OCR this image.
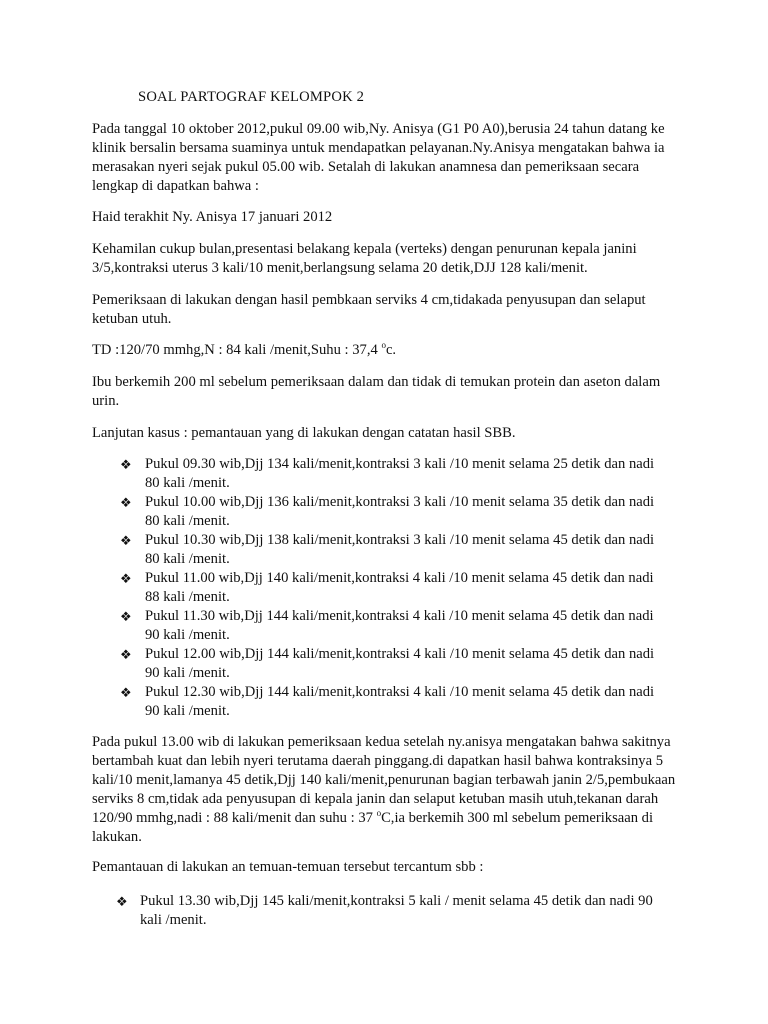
SOAL PARTOGRAF KELOMPOK 2

Pada tanggal 10 oktober 2012,pukul 09.00 wib,Ny. Anisya (G1 P0 A0),berusia 24 tahun datang ke klinik bersalin bersama suaminya untuk mendapatkan pelayanan.Ny.Anisya mengatakan bahwa ia merasakan nyeri sejak pukul 05.00 wib. Setalah di lakukan anamnesa dan pemeriksaan secara lengkap di dapatkan bahwa :

Haid terakhit Ny. Anisya 17 januari 2012

Kehamilan cukup bulan,presentasi belakang kepala (verteks) dengan penurunan kepala janini 3/5,kontraksi uterus 3 kali/10 menit,berlangsung selama 20 detik,DJJ 128 kali/menit.

Pemeriksaan di lakukan dengan hasil pembkaan serviks 4 cm,tidakada penyusupan dan selaput ketuban utuh.

TD :120/70 mmhg,N : 84 kali /menit,Suhu : 37,4 $^o$c.

Ibu berkemih 200 ml sebelum pemeriksaan dalam dan tidak di temukan protein dan aseton dalam urin.

Lanjutan kasus : pemantauan yang di lakukan dengan catatan hasil SBB.

❖ Pukul 09.30 wib,Djj 134 kali/menit,kontraksi 3 kali /10 menit selama 25 detik dan nadi 80 kali /menit.
❖ Pukul 10.00 wib,Djj 136 kali/menit,kontraksi 3 kali /10 menit selama 35 detik dan nadi 80 kali /menit.
❖ Pukul 10.30 wib,Djj 138 kali/menit,kontraksi 3 kali /10 menit selama 45 detik dan nadi 80 kali /menit.
❖ Pukul 11.00 wib,Djj 140 kali/menit,kontraksi 4 kali /10 menit selama 45 detik dan nadi 88 kali /menit.
❖ Pukul 11.30 wib,Djj 144 kali/menit,kontraksi 4 kali /10 menit selama 45 detik dan nadi 90 kali /menit.
❖ Pukul 12.00 wib,Djj 144 kali/menit,kontraksi 4 kali /10 menit selama 45 detik dan nadi 90 kali /menit.
❖ Pukul 12.30 wib,Djj 144 kali/menit,kontraksi 4 kali /10 menit selama 45 detik dan nadi 90 kali /menit.

Pada pukul 13.00 wib di lakukan pemeriksaan kedua setelah ny.anisya mengatakan bahwa sakitnya bertambah kuat dan lebih nyeri terutama daerah pinggang.di dapatkan hasil bahwa kontraksinya 5 kali/10 menit,lamanya 45 detik,Djj 140 kali/menit,penurunan bagian terbawah janin 2/5,pembukaan serviks 8 cm,tidak ada penyusupan di kepala janin dan selaput ketuban masih utuh,tekanan darah 120/90 mmhg,nadi : 88 kali/menit dan suhu : 37 $^o$C,ia berkemih 300 ml sebelum pemeriksaan di lakukan.

Pemantauan di lakukan an temuan-temuan tersebut tercantum sbb :

❖ Pukul 13.30 wib,Djj 145 kali/menit,kontraksi 5 kali / menit selama 45 detik dan nadi 90 kali /menit.
